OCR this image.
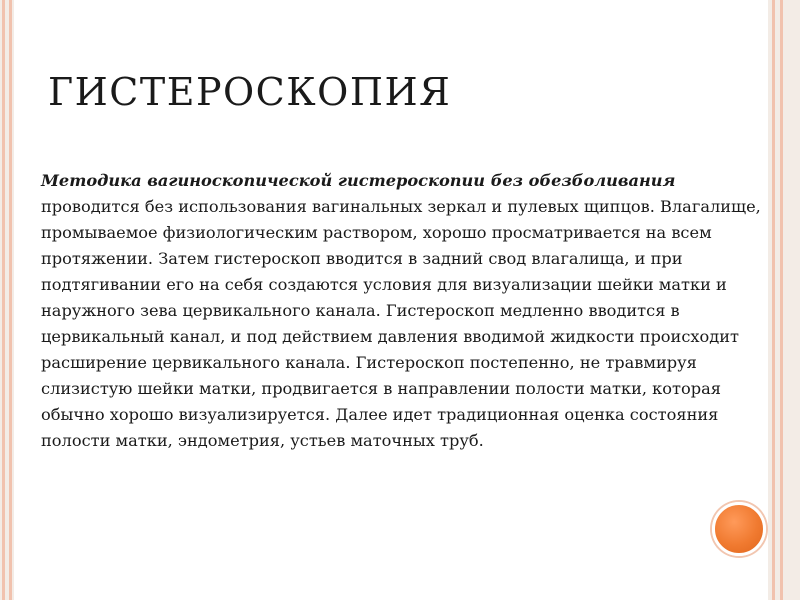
ГИСТЕРОСКОПИЯ

Методика вагиноскопической гистероскопии без обезболивания проводится без использования вагинальных зеркал и пулевых щипцов. Влагалище, промываемое физиологическим раствором, хорошо просматривается на всем протяжении. Затем гистероскоп вводится в задний свод влагалища, и при подтягивании его на себя создаются условия для визуализации шейки матки и наружного зева цервикального канала. Гистероскоп медленно вводится в цервикальный канал, и под действием давления вводимой жидкости происходит расширение цервикального канала. Гистероскоп постепенно, не травмируя слизистую шейки матки, продвигается в направлении полости матки, которая обычно хорошо визуализируется. Далее идет традиционная оценка состояния полости матки, эндометрия, устьев маточных труб.
